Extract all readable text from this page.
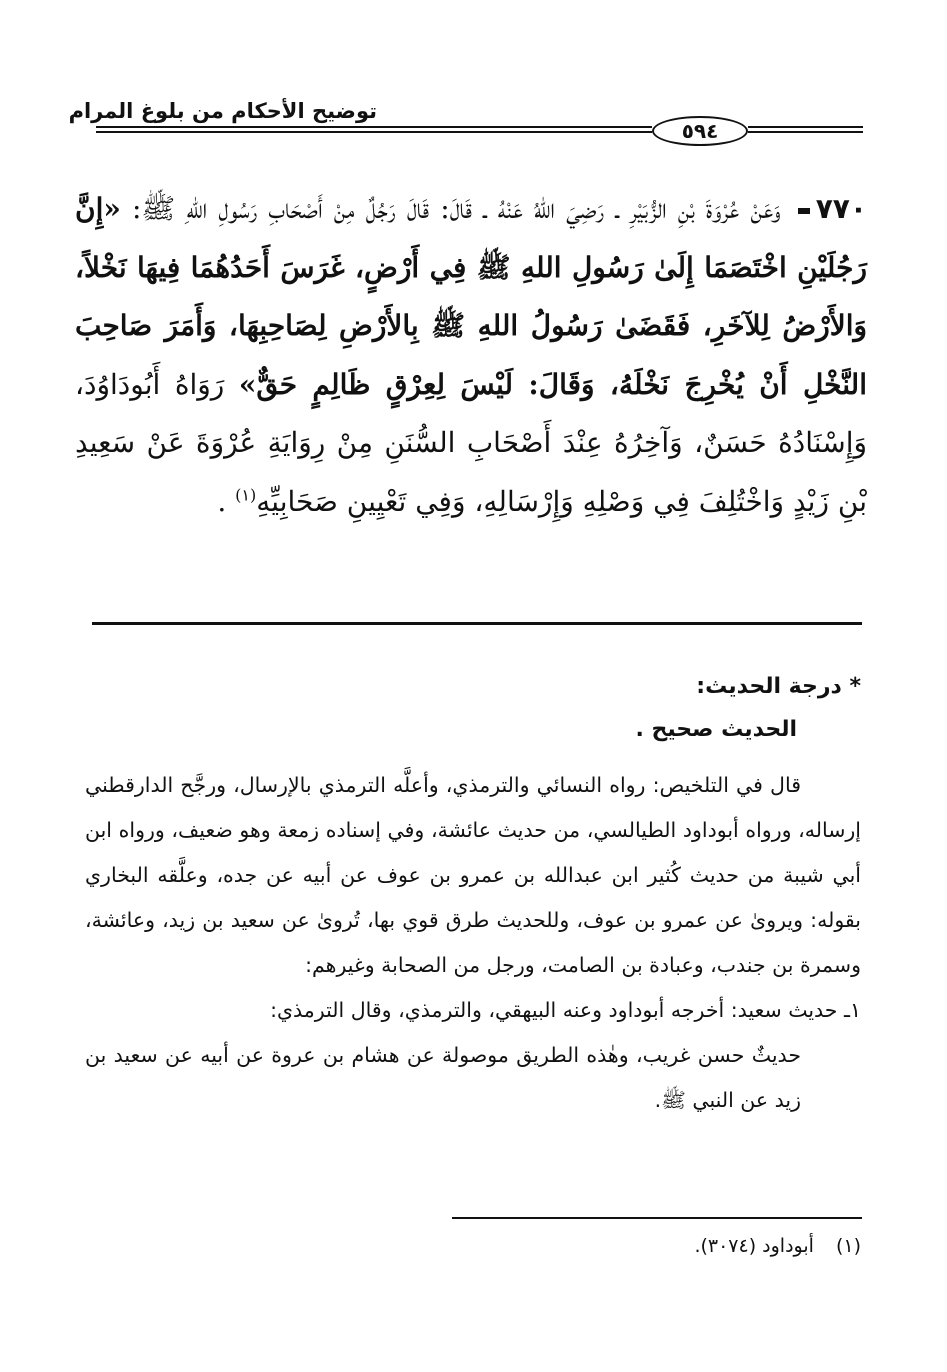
توضيح الأحكام من بلوغ المرام
٥٩٤
٧٧٠ وَعَنْ عُرْوَةَ بْنِ الزُّبَيْرِ ـ رَضِيَ اللهُ عَنْهُ ـ قَالَ: قَالَ رَجُلٌ مِنْ أَصْحَابِ رَسُولِ اللهِ ﷺ: «إِنَّ رَجُلَيْنِ اخْتَصَمَا إِلَىٰ رَسُولِ اللهِ ﷺ فِي أَرْضٍ، غَرَسَ أَحَدُهُمَا فِيهَا نَخْلاً، وَالأَرْضُ لِلآخَرِ، فَقَضَىٰ رَسُولُ اللهِ ﷺ بِالأَرْضِ لِصَاحِبِهَا، وَأَمَرَ صَاحِبَ النَّخْلِ أَنْ يُخْرِجَ نَخْلَهُ، وَقَالَ: لَيْسَ لِعِرْقٍ ظَالِمٍ حَقٌّ» رَوَاهُ أَبُودَاوُدَ، وَإِسْنَادُهُ حَسَنٌ، وَآخِرُهُ عِنْدَ أَصْحَابِ السُّنَنِ مِنْ رِوَايَةِ عُرْوَةَ عَنْ سَعِيدِ بْنِ زَيْدٍ وَاخْتُلِفَ فِي وَصْلِهِ وَإِرْسَالِهِ، وَفِي تَعْيِينِ صَحَابِيِّهِ$^{(١)}$ .
* درجة الحديث:
الحديث صحيح .

قال في التلخيص: رواه النسائي والترمذي، وأعلَّه الترمذي بالإرسال، ورجَّح الدارقطني إرساله، ورواه أبوداود الطيالسي، من حديث عائشة، وفي إسناده زمعة وهو ضعيف، ورواه ابن أبي شيبة من حديث كُثير ابن عبدالله بن عمرو بن عوف عن أبيه عن جده، وعلَّقه البخاري بقوله: ويروىٰ عن عمرو بن عوف، وللحديث طرق قوي بها، تُروىٰ عن سعيد بن زيد، وعائشة، وسمرة بن جندب، وعبادة بن الصامت، ورجل من الصحابة وغيرهم:

١ـ حديث سعيد: أخرجه أبوداود وعنه البيهقي، والترمذي، وقال الترمذي:

حديثٌ حسن غريب، وهٰذه الطريق موصولة عن هشام بن عروة عن أبيه عن سعيد بن زيد عن النبي ﷺ.

(١)أبوداود (٣٠٧٤).
